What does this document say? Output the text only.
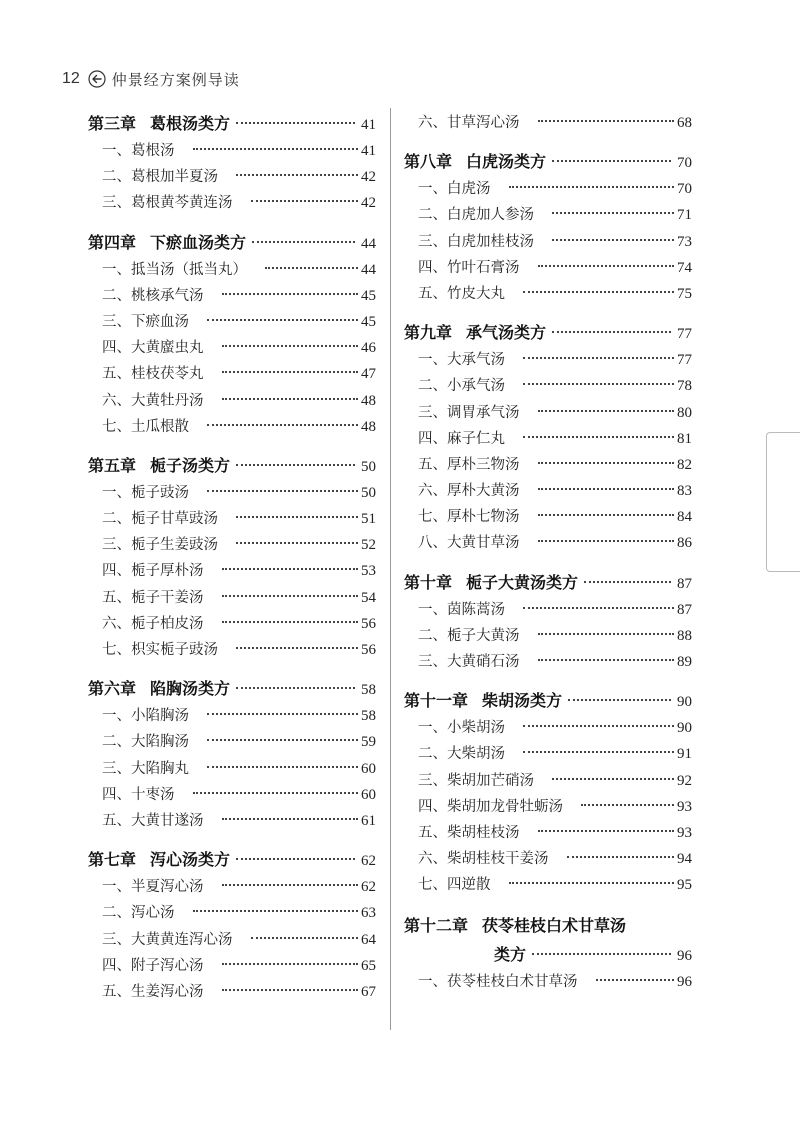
12 仲景经方案例导读
第三章 葛根汤类方	41
一、葛根汤	41
二、葛根加半夏汤	42
三、葛根黄芩黄连汤	42
第四章 下瘀血汤类方	44
一、抵当汤（抵当丸）	44
二、桃核承气汤	45
三、下瘀血汤	45
四、大黄䗪虫丸	46
五、桂枝茯苓丸	47
六、大黄牡丹汤	48
七、土瓜根散	48
第五章 栀子汤类方	50
一、栀子豉汤	50
二、栀子甘草豉汤	51
三、栀子生姜豉汤	52
四、栀子厚朴汤	53
五、栀子干姜汤	54
六、栀子柏皮汤	56
七、枳实栀子豉汤	56
第六章 陷胸汤类方	58
一、小陷胸汤	58
二、大陷胸汤	59
三、大陷胸丸	60
四、十枣汤	60
五、大黄甘遂汤	61
第七章 泻心汤类方	62
一、半夏泻心汤	62
二、泻心汤	63
三、大黄黄连泻心汤	64
四、附子泻心汤	65
五、生姜泻心汤	67
六、甘草泻心汤	68
第八章 白虎汤类方	70
一、白虎汤	70
二、白虎加人参汤	71
三、白虎加桂枝汤	73
四、竹叶石膏汤	74
五、竹皮大丸	75
第九章 承气汤类方	77
一、大承气汤	77
二、小承气汤	78
三、调胃承气汤	80
四、麻子仁丸	81
五、厚朴三物汤	82
六、厚朴大黄汤	83
七、厚朴七物汤	84
八、大黄甘草汤	86
第十章 栀子大黄汤类方	87
一、茵陈蒿汤	87
二、栀子大黄汤	88
三、大黄硝石汤	89
第十一章 柴胡汤类方	90
一、小柴胡汤	90
二、大柴胡汤	91
三、柴胡加芒硝汤	92
四、柴胡加龙骨牡蛎汤	93
五、柴胡桂枝汤	93
六、柴胡桂枝干姜汤	94
七、四逆散	95
第十二章 茯苓桂枝白术甘草汤
类方	96
一、茯苓桂枝白术甘草汤	96
